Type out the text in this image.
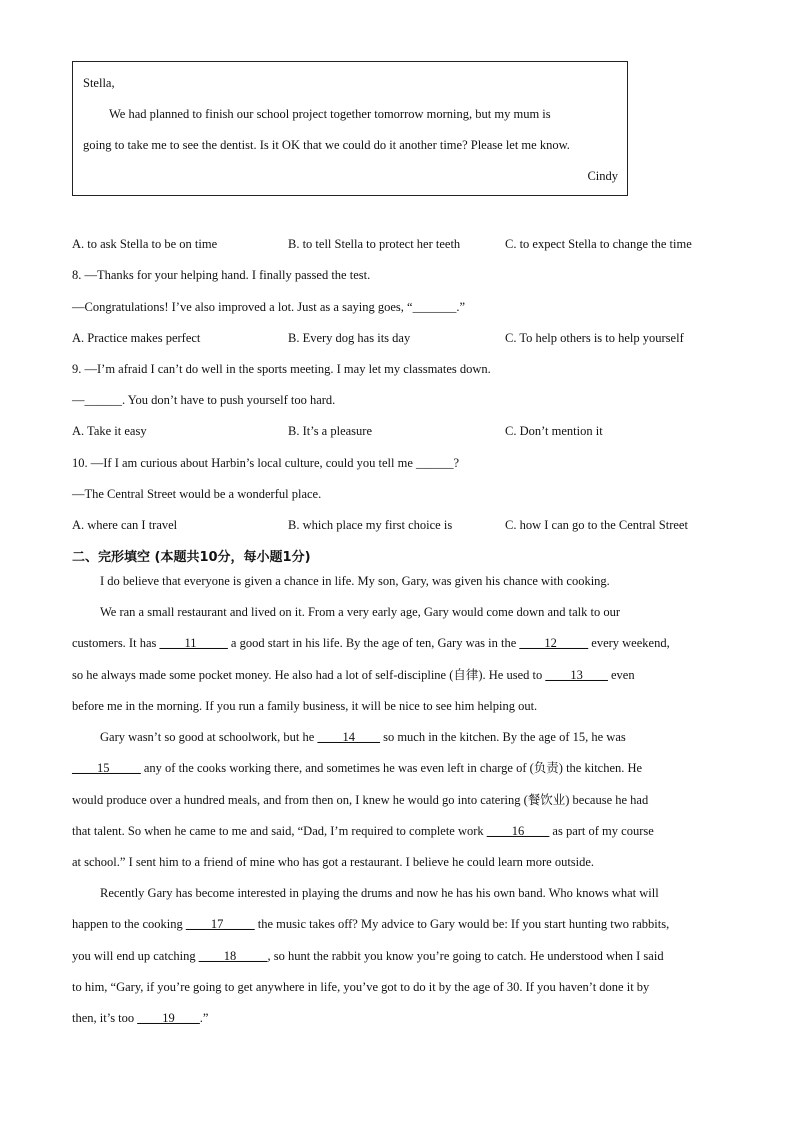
Stella,
We had planned to finish our school project together tomorrow morning, but my mum is
going to take me to see the dentist. Is it OK that we could do it another time? Please let me know.
Cindy
A. to ask Stella to be on time	B. to tell Stella to protect her teeth	C. to expect Stella to change the time
8. —Thanks for your helping hand. I finally passed the test.
—Congratulations! I’ve also improved a lot. Just as a saying goes, “_______.”
A. Practice makes perfect	B. Every dog has its day	C. To help others is to help yourself
9. —I’m afraid I can’t do well in the sports meeting. I may let my classmates down.
—______. You don’t have to push yourself too hard.
A. Take it easy	B. It’s a pleasure	C. Don’t mention it
10. —If I am curious about Harbin’s local culture, could you tell me ______?
—The Central Street would be a wonderful place.
A. where can I travel	B. which place my first choice is	C. how I can go to the Central Street
二、完形填空 (本题共10分，每小题1分)
I do believe that everyone is given a chance in life. My son, Gary, was given his chance with cooking.
We ran a small restaurant and lived on it. From a very early age, Gary would come down and talk to our
customers. It has ____11_____ a good start in his life. By the age of ten, Gary was in the ____12_____ every weekend,
so he always made some pocket money. He also had a lot of self-discipline (自律). He used to ____13____ even
before me in the morning. If you run a family business, it will be nice to see him helping out.
Gary wasn’t so good at schoolwork, but he ____14____ so much in the kitchen. By the age of 15, he was
____15_____ any of the cooks working there, and sometimes he was even left in charge of (负责) the kitchen. He
would produce over a hundred meals, and from then on, I knew he would go into catering (餐饮业) because he had
that talent. So when he came to me and said, “Dad, I’m required to complete work ____16____ as part of my course
at school.” I sent him to a friend of mine who has got a restaurant. I believe he could learn more outside.
Recently Gary has become interested in playing the drums and now he has his own band. Who knows what will
happen to the cooking ____17_____ the music takes off? My advice to Gary would be: If you start hunting two rabbits,
you will end up catching ____18_____, so hunt the rabbit you know you’re going to catch. He understood when I said
to him, “Gary, if you’re going to get anywhere in life, you’ve got to do it by the age of 30. If you haven’t done it by
then, it’s too ____19____.”
